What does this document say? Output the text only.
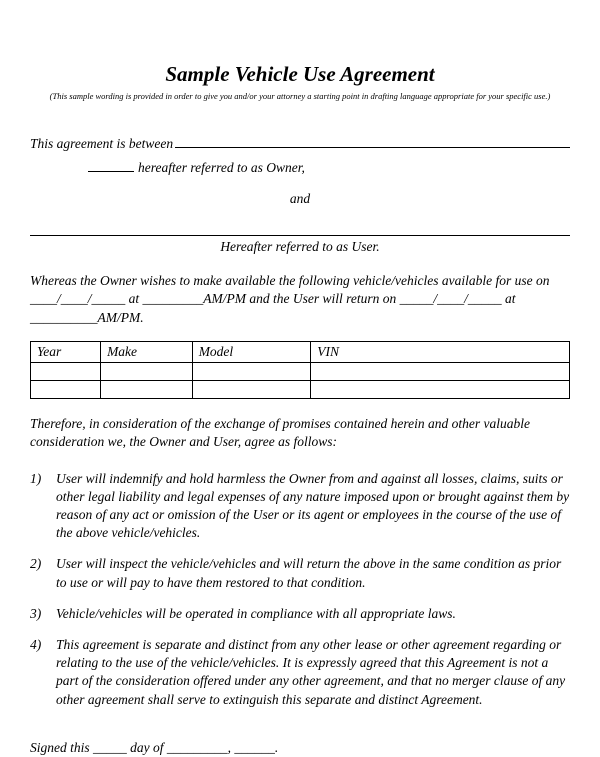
Sample Vehicle Use Agreement

(This sample wording is provided in order to give you and/or your attorney a starting point in drafting language appropriate for your specific use.)

This agreement is between
hereafter referred to as Owner,
and
Hereafter referred to as User.

Whereas the Owner wishes to make available the following vehicle/vehicles available for use on ____/____/_____ at _________AM/PM and the User will return on _____/____/_____ at __________AM/PM.

Year	Make	Model	VIN

Therefore, in consideration of the exchange of promises contained herein and other valuable consideration we, the Owner and User, agree as follows:

1)	User will indemnify and hold harmless the Owner from and against all losses, claims, suits or other legal liability and legal expenses of any nature imposed upon or brought against them by reason of any act or omission of the User or its agent or employees in the course of the use of the above vehicle/vehicles.
2)	User will inspect the vehicle/vehicles and will return the above in the same condition as prior to use or will pay to have them restored to that condition.
3)	Vehicle/vehicles will be operated in compliance with all appropriate laws.
4)	This agreement is separate and distinct from any other lease or other agreement regarding or relating to the use of the vehicle/vehicles. It is expressly agreed that this Agreement is not a part of the consideration offered under any other agreement, and that no merger clause of any other agreement shall serve to extinguish this separate and distinct Agreement.

Signed this _____ day of _________, ______.
